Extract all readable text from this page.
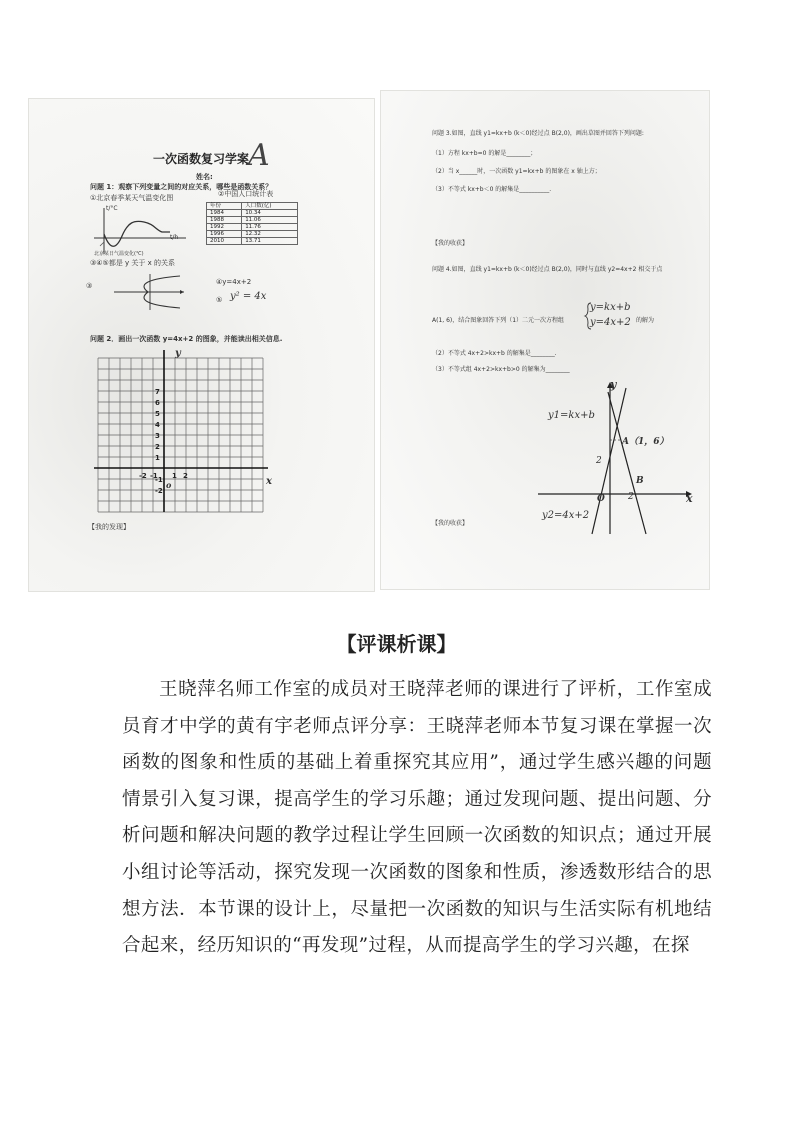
一次函数复习学案
A
姓名:
问题 1：观察下列变量之间的对应关系，哪些是函数关系？
①北京春季某天气温变化图	②中国人口统计表
t/°C
t/h
北京某日气温变化(℃)
年份	人口数(亿)
1984	10.34
1988	11.06
1992	11.76
1996	12.32
2010	13.71
③④⑤都是 y 关于 x 的关系
③	④y=4x+2
⑤ y² = 4x
问题 2．画出一次函数 y=4x+2 的图象，并能读出相关信息.
7
6
5
4
3
2
1
-1
-2
-2 -1 1 2
y
x
o
【我的发现】
问题 3.如图，直线 y1=kx+b (k＜0)经过点 B(2,0)，画出草图并回答下列问题:
（1）方程 kx+b=0 的解是________；
（2）当 x______时，一次函数 y1=kx+b 的图象在 x 轴上方；
（3）不等式 kx+b＜0 的解集是__________.
【我的收获】
问题 4.如图，直线 y1=kx+b (k＜0)经过点 B(2,0)，同时与直线 y2=4x+2 相交于点
A(1, 6)，结合图象回答下列（1）二元一次方程组
y=kx+b
y=4x+2 的解为
（2）不等式 4x+2>kx+b 的解集是________.
（3）不等式组 4x+2>kx+b>0 的解集为________
y
x
O
y1=kx+b
y2=4x+2
A（1，6）
B
2
2
【我的收获】
【评课析课】

王晓萍名师工作室的成员对王晓萍老师的课进行了评析，工作室成员育才中学的黄有宇老师点评分享：王晓萍老师本节复习课在掌握一次函数的图象和性质的基础上着重探究其应用”，通过学生感兴趣的问题情景引入复习课，提高学生的学习乐趣；通过发现问题、提出问题、分析问题和解决问题的教学过程让学生回顾一次函数的知识点；通过开展小组讨论等活动，探究发现一次函数的图象和性质，渗透数形结合的思想方法．本节课的设计上，尽量把一次函数的知识与生活实际有机地结合起来，经历知识的“再发现”过程，从而提高学生的学习兴趣，在探
